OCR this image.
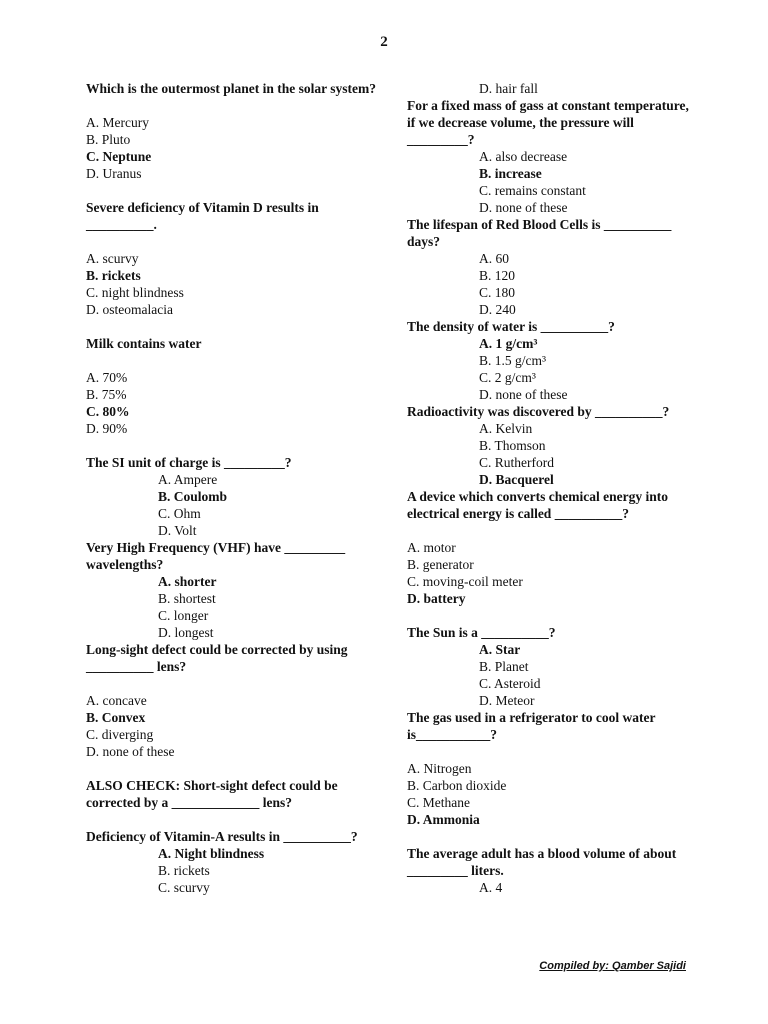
2
Which is the outermost planet in the solar system?
A. Mercury
B. Pluto
C. Neptune
D. Uranus
Severe deficiency of Vitamin D results in __________.
A. scurvy
B. rickets
C. night blindness
D. osteomalacia
Milk contains water
A. 70%
B. 75%
C. 80%
D. 90%
The SI unit of charge is _________?
A. Ampere
B. Coulomb
C. Ohm
D. Volt
Very High Frequency (VHF) have _________ wavelengths?
A. shorter
B. shortest
C. longer
D. longest
Long-sight defect could be corrected by using __________ lens?
A. concave
B. Convex
C. diverging
D. none of these
ALSO CHECK: Short-sight defect could be corrected by a _____________ lens?
Deficiency of Vitamin-A results in __________?
A. Night blindness
B. rickets
C. scurvy
D. hair fall
For a fixed mass of gass at constant temperature, if we decrease volume, the pressure will _________?
A. also decrease
B. increase
C. remains constant
D. none of these
The lifespan of Red Blood Cells is __________ days?
A. 60
B. 120
C. 180
D. 240
The density of water is __________?
A. 1 g/cm³
B. 1.5 g/cm³
C. 2 g/cm³
D. none of these
Radioactivity was discovered by __________?
A. Kelvin
B. Thomson
C. Rutherford
D. Bacquerel
A device which converts chemical energy into electrical energy is called __________?
A. motor
B. generator
C. moving-coil meter
D. battery
The Sun is a __________?
A. Star
B. Planet
C. Asteroid
D. Meteor
The gas used in a refrigerator to cool water is___________?
A. Nitrogen
B. Carbon dioxide
C. Methane
D. Ammonia
The average adult has a blood volume of about _________ liters.
A. 4
Compiled by: Qamber Sajidi
